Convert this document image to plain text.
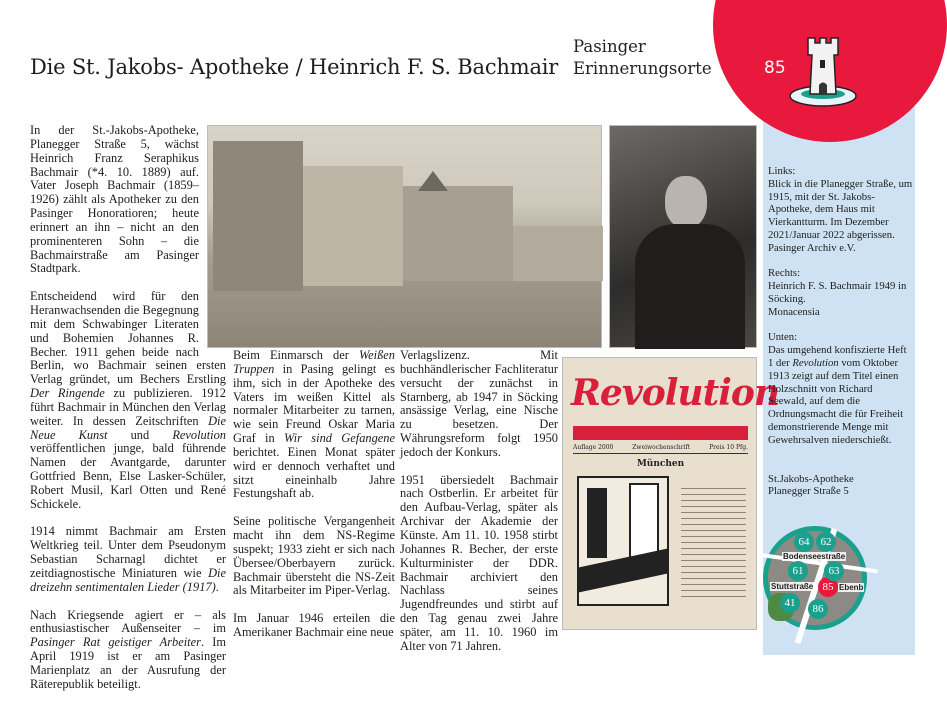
85
Pasinger
Erinnerungsorte
Die St. Jakobs- Apotheke / Heinrich F. S. Bachmair

In der St.-Jakobs-Apotheke, Planegger Straße 5, wächst Heinrich Franz Seraphikus Bachmair (*4. 10. 1889) auf. Vater Joseph Bachmair (1859–1926) zählt als Apotheker zu den Pasinger Honoratioren; heute erinnert an ihn – nicht an den prominenteren Sohn – die Bachmairstraße am Pasinger Stadtpark.

Entscheidend wird für den Heranwachsenden die Begegnung mit dem Schwabinger Literaten und Bohemien Johannes R. Becher. 1911 gehen beide nach Berlin, wo Bachmair seinen ersten Verlag gründet, um Bechers Erstling Der Ringende zu publizieren. 1912 führt Bachmair in München den Verlag weiter. In dessen Zeitschriften Die Neue Kunst und Revolution veröffentlichen junge, bald führende Namen der Avantgarde, darunter Gottfried Benn, Else Lasker-Schüler, Robert Musil, Karl Otten und René Schickele.

1914 nimmt Bachmair am Ersten Weltkrieg teil. Unter dem Pseudonym Sebastian Scharnagl dichtet er zeitdiagnostische Miniaturen wie Die dreizehn sentimentalen Lieder (1917).

Nach Kriegsende agiert er – als enthusiastischer Außenseiter – im Pasinger Rat geistiger Arbeiter. Im April 1919 ist er am Pasinger Marienplatz an der Ausrufung der Räterepublik beteiligt.

Beim Einmarsch der Weißen Truppen in Pasing gelingt es ihm, sich in der Apotheke des Vaters im weißen Kittel als normaler Mitarbeiter zu tarnen, wie sein Freund Oskar Maria Graf in Wir sind Gefangene berichtet. Einen Monat später wird er dennoch verhaftet und sitzt eineinhalb Jahre Festungshaft ab.

Seine politische Vergangenheit macht ihn dem NS-Regime suspekt; 1933 zieht er sich nach Übersee/Oberbayern zurück. Bachmair übersteht die NS-Zeit als Mitarbeiter im Piper-Verlag.

Im Januar 1946 erteilen die Amerikaner Bachmair eine neue

Verlagslizenz. Mit buchhändlerischer Fachliteratur versucht der zunächst in Starnberg, ab 1947 in Söcking ansässige Verlag, eine Nische zu besetzen. Der Währungsreform folgt 1950 jedoch der Konkurs.

1951 übersiedelt Bachmair nach Ostberlin. Er arbeitet für den Aufbau-Verlag, später als Archivar der Akademie der Künste. Am 11. 10. 1958 stirbt Johannes R. Becher, der erste Kulturminister der DDR. Bachmair archiviert den Nachlass seines Jugendfreundes und stirbt auf den Tag genau zwei Jahre später, am 11. 10. 1960 im Alter von 71 Jahren.

Revolution
Auflage 2000	Zweiwochenschrift	Preis 10 Pfg.
München

Links:
Blick in die Planegger Straße, um 1915, mit der St. Jakobs-Apotheke, dem Haus mit Vierkantturm. Im Dezember 2021/Januar 2022 abgerissen.
Pasinger Archiv e.V.

Rechts:
Heinrich F. S. Bachmair 1949 in Söcking.
Monacensia

Unten:
Das umgehend konfiszierte Heft 1 der Revolution vom Oktober 1913 zeigt auf dem Titel einen Holzschnitt von Richard Seewald, auf dem die Ordnungsmacht die für Freiheit demonstrierende Menge mit Gewehrsalven niederschießt.

St.Jakobs-Apotheke
Planegger Straße 5

Bodenseestraße
Stuttstraße	Ebenb
64	62
61	63
85
41	86
